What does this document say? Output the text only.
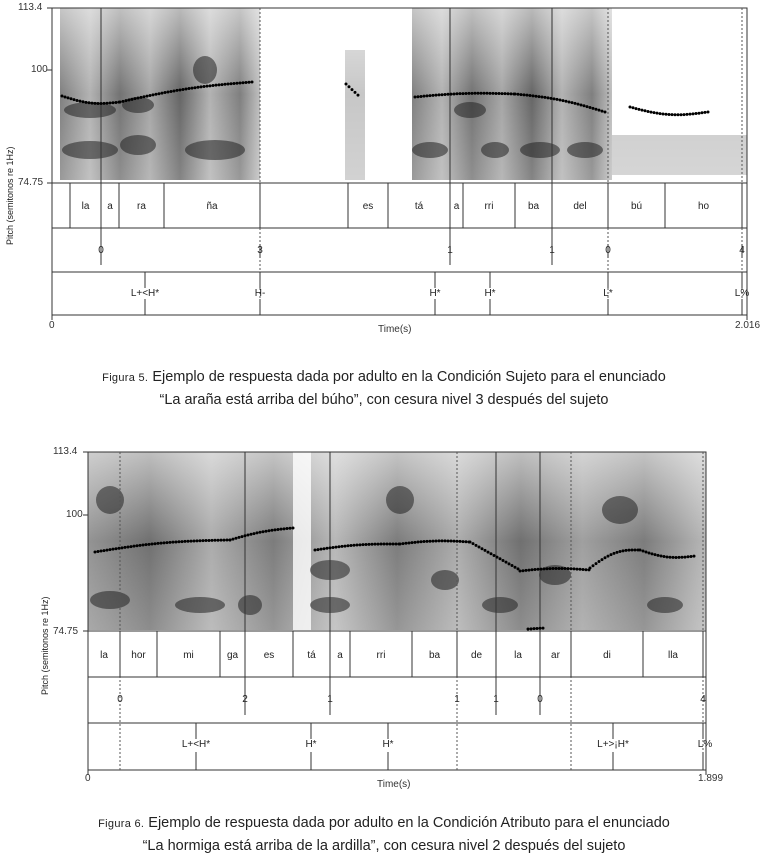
113.4
100
74.75
Pitch (semitonos re 1Hz)	la	a	ra	ña	es	tá	a	rri	ba	del	bú	ho
0	3	1	1	0	4
L+<H*	H-	H*	H*	L*	L%
0	2.016
Time(s)
Figura 5. Ejemplo de respuesta dada por adulto en la Condición Sujeto para el enunciado
“La araña está arriba del búho”, con cesura nivel 3 después del sujeto
113.4
100
74.75
Pitch (semitonos re 1Hz)	la	hor	mi	ga	es	tá	a	rri	ba	de	la	ar	di	lla
0	2	1	1	1	0	4
L+<H*	H*	H*	L+>¡H*	L%
0	1.899
Time(s)
Figura 6. Ejemplo de respuesta dada por adulto en la Condición Atributo para el enunciado
“La hormiga está arriba de la ardilla”, con cesura nivel 2 después del sujeto
